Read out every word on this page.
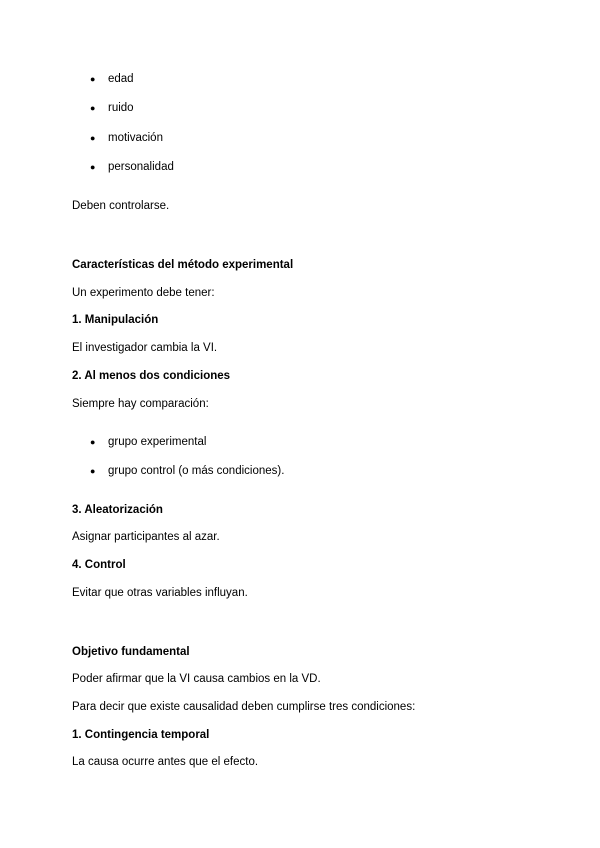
● edad
● ruido
● motivación
● personalidad
Deben controlarse.
Características del método experimental
Un experimento debe tener:
1. Manipulación
El investigador cambia la VI.
2. Al menos dos condiciones
Siempre hay comparación:
● grupo experimental
● grupo control (o más condiciones).
3. Aleatorización
Asignar participantes al azar.
4. Control
Evitar que otras variables influyan.
Objetivo fundamental
Poder afirmar que la VI causa cambios en la VD.
Para decir que existe causalidad deben cumplirse tres condiciones:
1. Contingencia temporal
La causa ocurre antes que el efecto.
